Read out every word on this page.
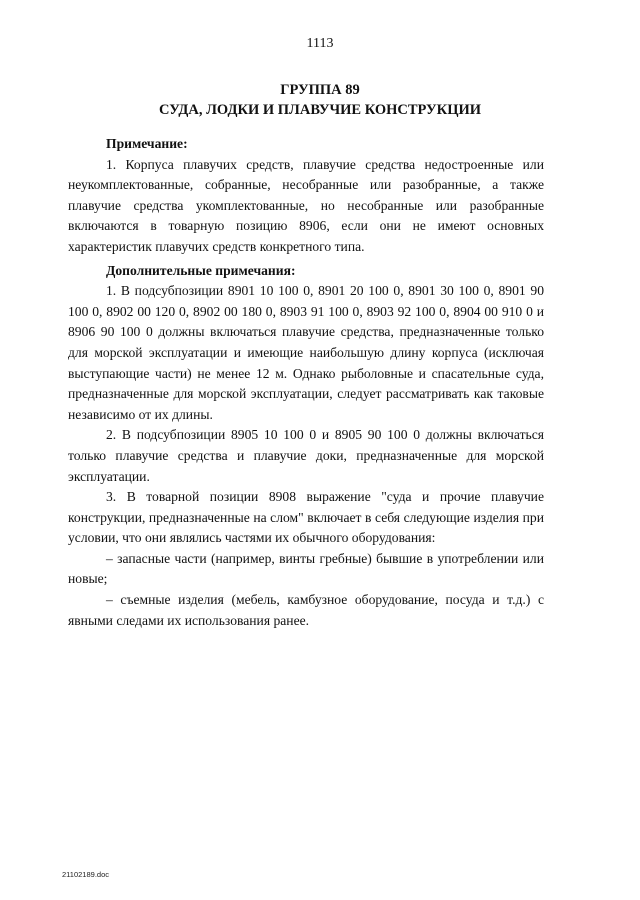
1113
ГРУППА 89
СУДА, ЛОДКИ И ПЛАВУЧИЕ КОНСТРУКЦИИ
Примечание:

1. Корпуса плавучих средств, плавучие средства недостроенные или неукомплектованные, собранные, несобранные или разобранные, а также плавучие средства укомплектованные, но несобранные или разобранные включаются в товарную позицию 8906, если они не имеют основных характеристик плавучих средств конкретного типа.

Дополнительные примечания:

1. В подсубпозиции 8901 10 100 0, 8901 20 100 0, 8901 30 100 0, 8901 90 100 0, 8902 00 120 0, 8902 00 180 0, 8903 91 100 0, 8903 92 100 0, 8904 00 910 0 и 8906 90 100 0 должны включаться плавучие средства, предназначенные только для морской эксплуатации и имеющие наибольшую длину корпуса (исключая выступающие части) не менее 12 м. Однако рыболовные и спасательные суда, предназначенные для морской эксплуатации, следует рассматривать как таковые независимо от их длины.

2. В подсубпозиции 8905 10 100 0 и 8905 90 100 0 должны включаться только плавучие средства и плавучие доки, предназначенные для морской эксплуатации.

3. В товарной позиции 8908 выражение "суда и прочие плавучие конструкции, предназначенные на слом" включает в себя следующие изделия при условии, что они являлись частями их обычного оборудования:

– запасные части (например, винты гребные) бывшие в употреблении или новые;

– съемные изделия (мебель, камбузное оборудование, посуда и т.д.) с явными следами их использования ранее.

21102189.doc
